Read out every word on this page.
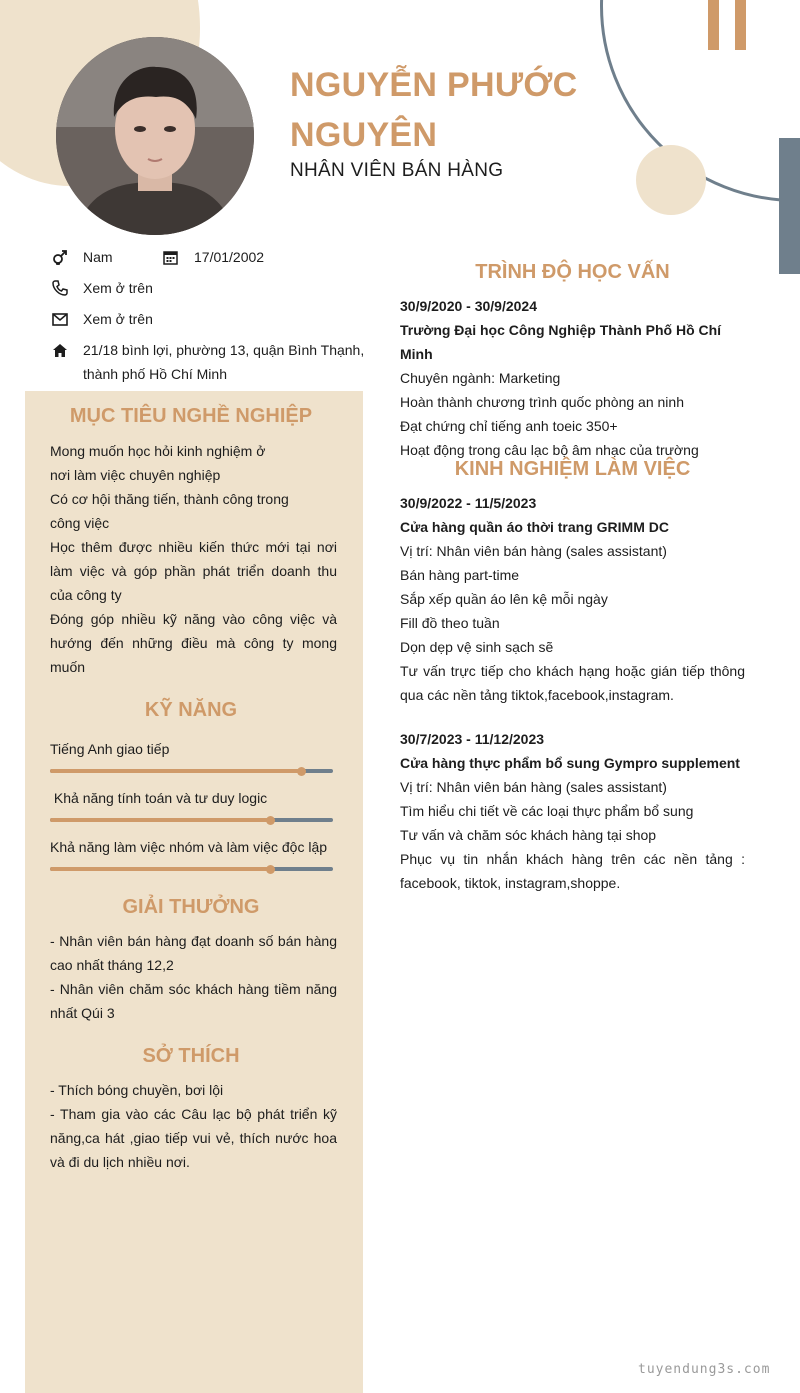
NGUYỄN PHƯỚC
NGUYÊN
NHÂN VIÊN BÁN HÀNG
Nam	17/01/2002
Xem ở trên
Xem ở trên
21/18 bình lợi, phường 13, quận Bình Thạnh,
thành phố Hồ Chí Minh
MỤC TIÊU NGHỀ NGHIỆP

Mong muốn học hỏi kinh nghiệm ở

nơi làm việc chuyên nghiệp

Có cơ hội thăng tiến, thành công trong

công việc

Học thêm được nhiều kiến thức mới tại nơi làm việc và góp phần phát triển doanh thu của công ty

Đóng góp nhiều kỹ năng vào công việc và hướng đến những điều mà công ty mong muốn

KỸ NĂNG
Tiếng Anh giao tiếp
Khả năng tính toán và tư duy logic
Khả năng làm việc nhóm và làm việc độc lập
GIẢI THƯỞNG

- Nhân viên bán hàng đạt doanh số bán hàng cao nhất tháng 12,2

- Nhân viên chăm sóc khách hàng tiềm năng nhất Qúi 3

SỞ THÍCH

- Thích bóng chuyền, bơi lội

- Tham gia vào các Câu lạc bộ phát triển kỹ năng,ca hát ,giao tiếp vui vẻ, thích nước hoa và đi du lịch nhiều nơi.

TRÌNH ĐỘ HỌC VẤN

30/9/2020 - 30/9/2024

Trường Đại học Công Nghiệp Thành Phố Hồ Chí Minh

Chuyên ngành: Marketing

Hoàn thành chương trình quốc phòng an ninh

Đạt chứng chỉ tiếng anh toeic 350+

Hoạt động trong câu lạc bộ âm nhạc của trường

KINH NGHIỆM LÀM VIỆC

30/9/2022 - 11/5/2023

Cửa hàng quần áo thời trang GRIMM DC

Vị trí: Nhân viên bán hàng (sales assistant)

Bán hàng part-time

Sắp xếp quần áo lên kệ mỗi ngày

Fill đồ theo tuần

Dọn dẹp vệ sinh sạch sẽ

Tư vấn trực tiếp cho khách hạng hoặc gián tiếp thông qua các nền tảng tiktok,facebook,instagram.

30/7/2023 - 11/12/2023

Cửa hàng thực phẩm bổ sung Gympro supplement

Vị trí: Nhân viên bán hàng (sales assistant)

Tìm hiểu chi tiết về các loại thực phẩm bổ sung

Tư vấn và chăm sóc khách hàng tại shop

Phục vụ tin nhắn khách hàng trên các nền tảng : facebook, tiktok, instagram,shoppe.

tuyendung3s.com
